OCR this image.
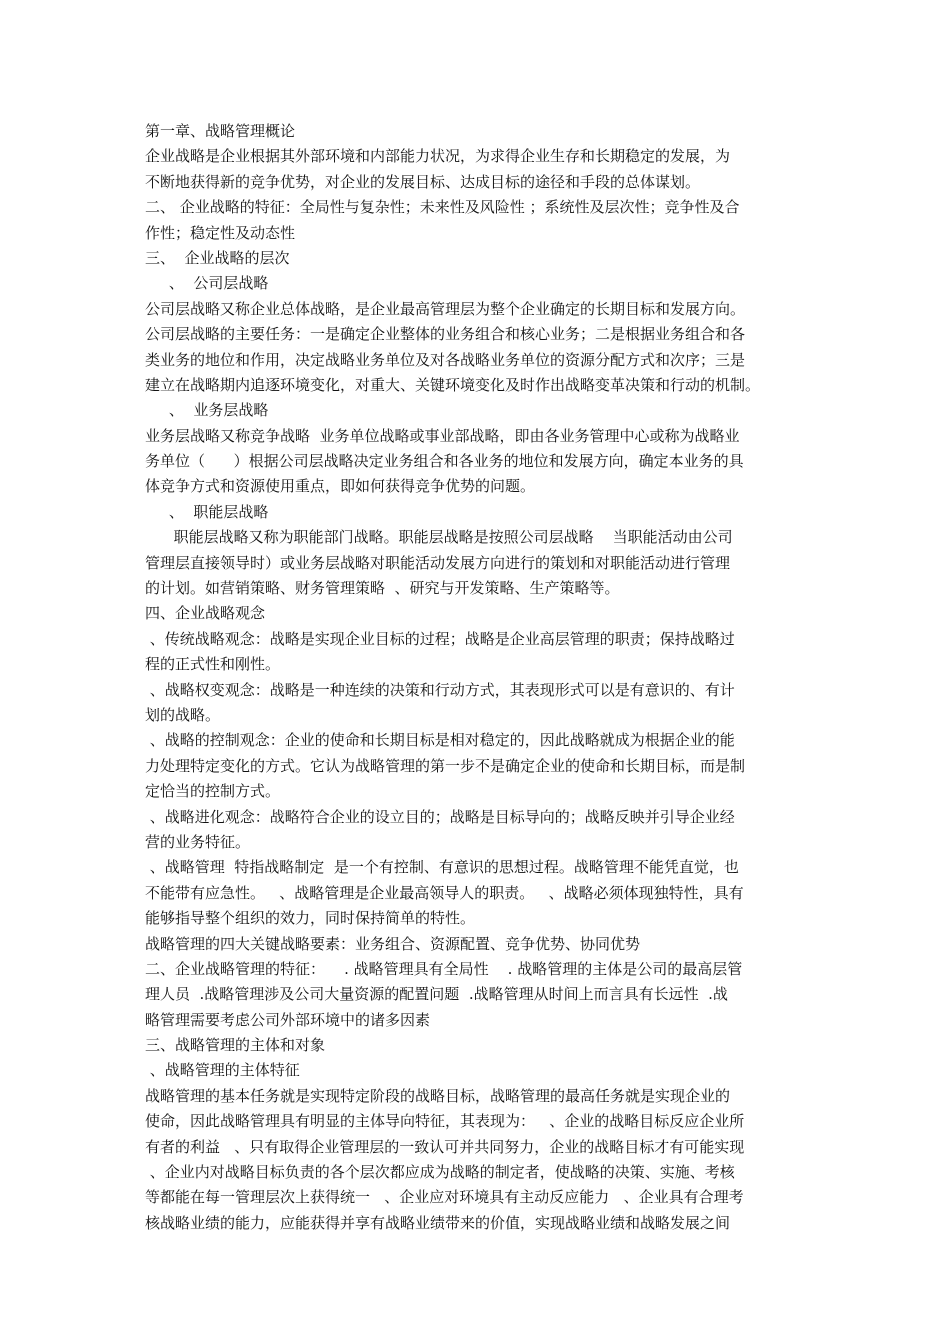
第一章、战略管理概论
企业战略是企业根据其外部环境和内部能力状况，为求得企业生存和长期稳定的发展，为
不断地获得新的竞争优势，对企业的发展目标、达成目标的途径和手段的总体谋划。
二、 企业战略的特征：全局性与复杂性；未来性及风险性 ；系统性及层次性；竞争性及合
作性；稳定性及动态性
三、  企业战略的层次
、  公司层战略
公司层战略又称企业总体战略，是企业最高管理层为整个企业确定的长期目标和发展方向。
公司层战略的主要任务：一是确定企业整体的业务组合和核心业务；二是根据业务组合和各
类业务的地位和作用，决定战略业务单位及对各战略业务单位的资源分配方式和次序；三是
建立在战略期内追逐环境变化，对重大、关键环境变化及时作出战略变革决策和行动的机制。
、  业务层战略
业务层战略又称竞争战略  业务单位战略或事业部战略，即由各业务管理中心或称为战略业
务单位（      ）根据公司层战略决定业务组合和各业务的地位和发展方向，确定本业务的具
体竞争方式和资源使用重点，即如何获得竞争优势的问题。
、  职能层战略
职能层战略又称为职能部门战略。职能层战略是按照公司层战略    当职能活动由公司
管理层直接领导时）或业务层战略对职能活动发展方向进行的策划和对职能活动进行管理
的计划。如营销策略、财务管理策略  、研究与开发策略、生产策略等。
四、企业战略观念
、传统战略观念：战略是实现企业目标的过程；战略是企业高层管理的职责；保持战略过
程的正式性和刚性。
、战略权变观念：战略是一种连续的决策和行动方式，其表现形式可以是有意识的、有计
划的战略。
、战略的控制观念：企业的使命和长期目标是相对稳定的，因此战略就成为根据企业的能
力处理特定变化的方式。它认为战略管理的第一步不是确定企业的使命和长期目标，而是制
定恰当的控制方式。
、战略进化观念：战略符合企业的设立目的；战略是目标导向的；战略反映并引导企业经
营的业务特征。
、战略管理  特指战略制定  是一个有控制、有意识的思想过程。战略管理不能凭直觉，也
不能带有应急性。   、战略管理是企业最高领导人的职责。   、战略必须体现独特性，具有
能够指导整个组织的效力，同时保持简单的特性。
战略管理的四大关键战略要素：业务组合、资源配置、竞争优势、协同优势
二、企业战略管理的特征：    . 战略管理具有全局性    . 战略管理的主体是公司的最高层管
理人员  .战略管理涉及公司大量资源的配置问题  .战略管理从时间上而言具有长远性  .战
略管理需要考虑公司外部环境中的诸多因素
三、战略管理的主体和对象
、战略管理的主体特征
战略管理的基本任务就是实现特定阶段的战略目标，战略管理的最高任务就是实现企业的
使命，因此战略管理具有明显的主体导向特征，其表现为：   、企业的战略目标反应企业所
有者的利益   、只有取得企业管理层的一致认可并共同努力，企业的战略目标才有可能实现
、企业内对战略目标负责的各个层次都应成为战略的制定者，使战略的决策、实施、考核
等都能在每一管理层次上获得统一   、企业应对环境具有主动反应能力   、企业具有合理考
核战略业绩的能力，应能获得并享有战略业绩带来的价值，实现战略业绩和战略发展之间
